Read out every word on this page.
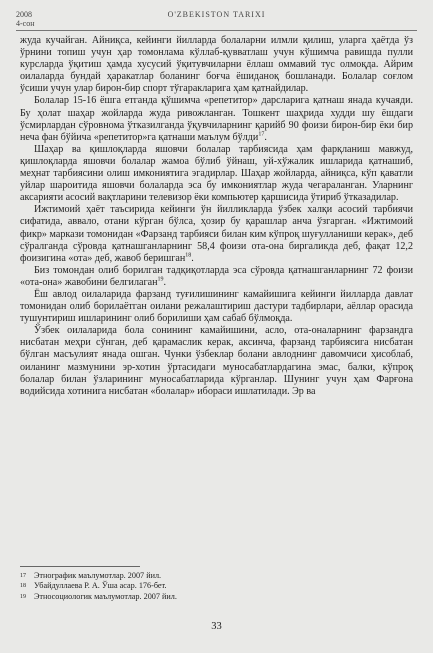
2008
4-сон
O'ZBEKISTON TARIXI

жуда кучайган. Айниқса, кейинги йилларда болаларни илмли қилиш, уларга ҳаётда ўз ўрнини топиш учун ҳар томонлама кўллаб-қувватлаш учун кўшимча равишда пулли курсларда ўқитиш ҳамда хусусий ўқитувчиларни ёллаш оммавий тус олмоқда. Айрим оилаларда бундай ҳаракатлар боланинг боғча ёшиданоқ бошланади. Болалар соғлом ўсиши учун улар бирон-бир спорт тўгаракларига ҳам қатнайдилар.

Болалар 15-16 ёшга етганда қўшимча «репетитор» дарсларига қатнаш янада кучаяди. Бу ҳолат шаҳар жойларда жуда ривожланган. Тошкент шаҳрида худди шу ёшдаги ўсмирлардан сўровнома ўтказилганда ўқувчиларнинг қарийб 90 фоизи бирон-бир ёки бир неча фан бўйича «репетитор»га қатнаши маълум бўлди$^{17}$.

Шаҳар ва қишлоқларда яшовчи болалар тарбиясида ҳам фарқланиш мавжуд, қишлоқларда яшовчи болалар жамоа бўлиб ўйнаш, уй-хўжалик ишларида қатнашиб, меҳнат тарбиясини олиш имкониятига эгадирлар. Шаҳар жойларда, айниқса, кўп қаватли уйлар шароитида яшовчи болаларда эса бу имкониятлар жуда чегараланган. Уларнинг аксарияти асосий вақтларини телевизор ёки компьютер қаршисида ўтириб ўтказадилар.

Ижтимоий ҳаёт таъсирида кейинги ўн йилликларда ўзбек халқи асосий тарбиячи сифатида, аввало, отани кўрган бўлса, ҳозир бу қарашлар анча ўзгарган. «Ижтимоий фикр» маркази томонидан «Фарзанд тарбияси билан ким кўпроқ шуғулланиши керак», деб сўралганда сўровда қатнашганларнинг 58,4 фоизи ота-она биргаликда деб, фақат 12,2 фоизигина «ота» деб, жавоб беришган$^{18}$.

Биз томондан олиб борилган тадқиқотларда эса сўровда қатнашганларнинг 72 фоизи «ота-она» жавобини белгилаган$^{19}$.

Ёш авлод оилаларида фарзанд туғилишининг камайишига кейинги йилларда давлат томонидан олиб борилаётган оилани режалаштириш дастури тадбирлари, аёллар орасида тушунтириш ишларининг олиб борилиши ҳам сабаб бўлмоқда.

Ўзбек оилаларида бола сонининг камайишини, аслo, ота-оналарнинг фарзандга нисбатан меҳри сўнган, деб қарамаслик керак, аксинча, фарзанд тарбиясига нисбатан бўлган масъулият янада ошган. Чунки ўзбеклар болани авлоднинг давомчиси ҳисоблаб, оиланинг мазмунини эр-хотин ўртасидаги муносабатлардагина эмас, балки, кўпроқ болалар билан ўзларининг муносабатларида кўрганлар. Шунинг учун ҳам Фарғона водийсида хотинига нисбатан «болалар» ибораси ишлатилади. Эр ва

17 Этнографик маълумотлар. 2007 йил.
18 Убайдуллаева Р. А. Ўша асар. 176-бет.
19 Этносоциологик маълумотлар. 2007 йил.
33
